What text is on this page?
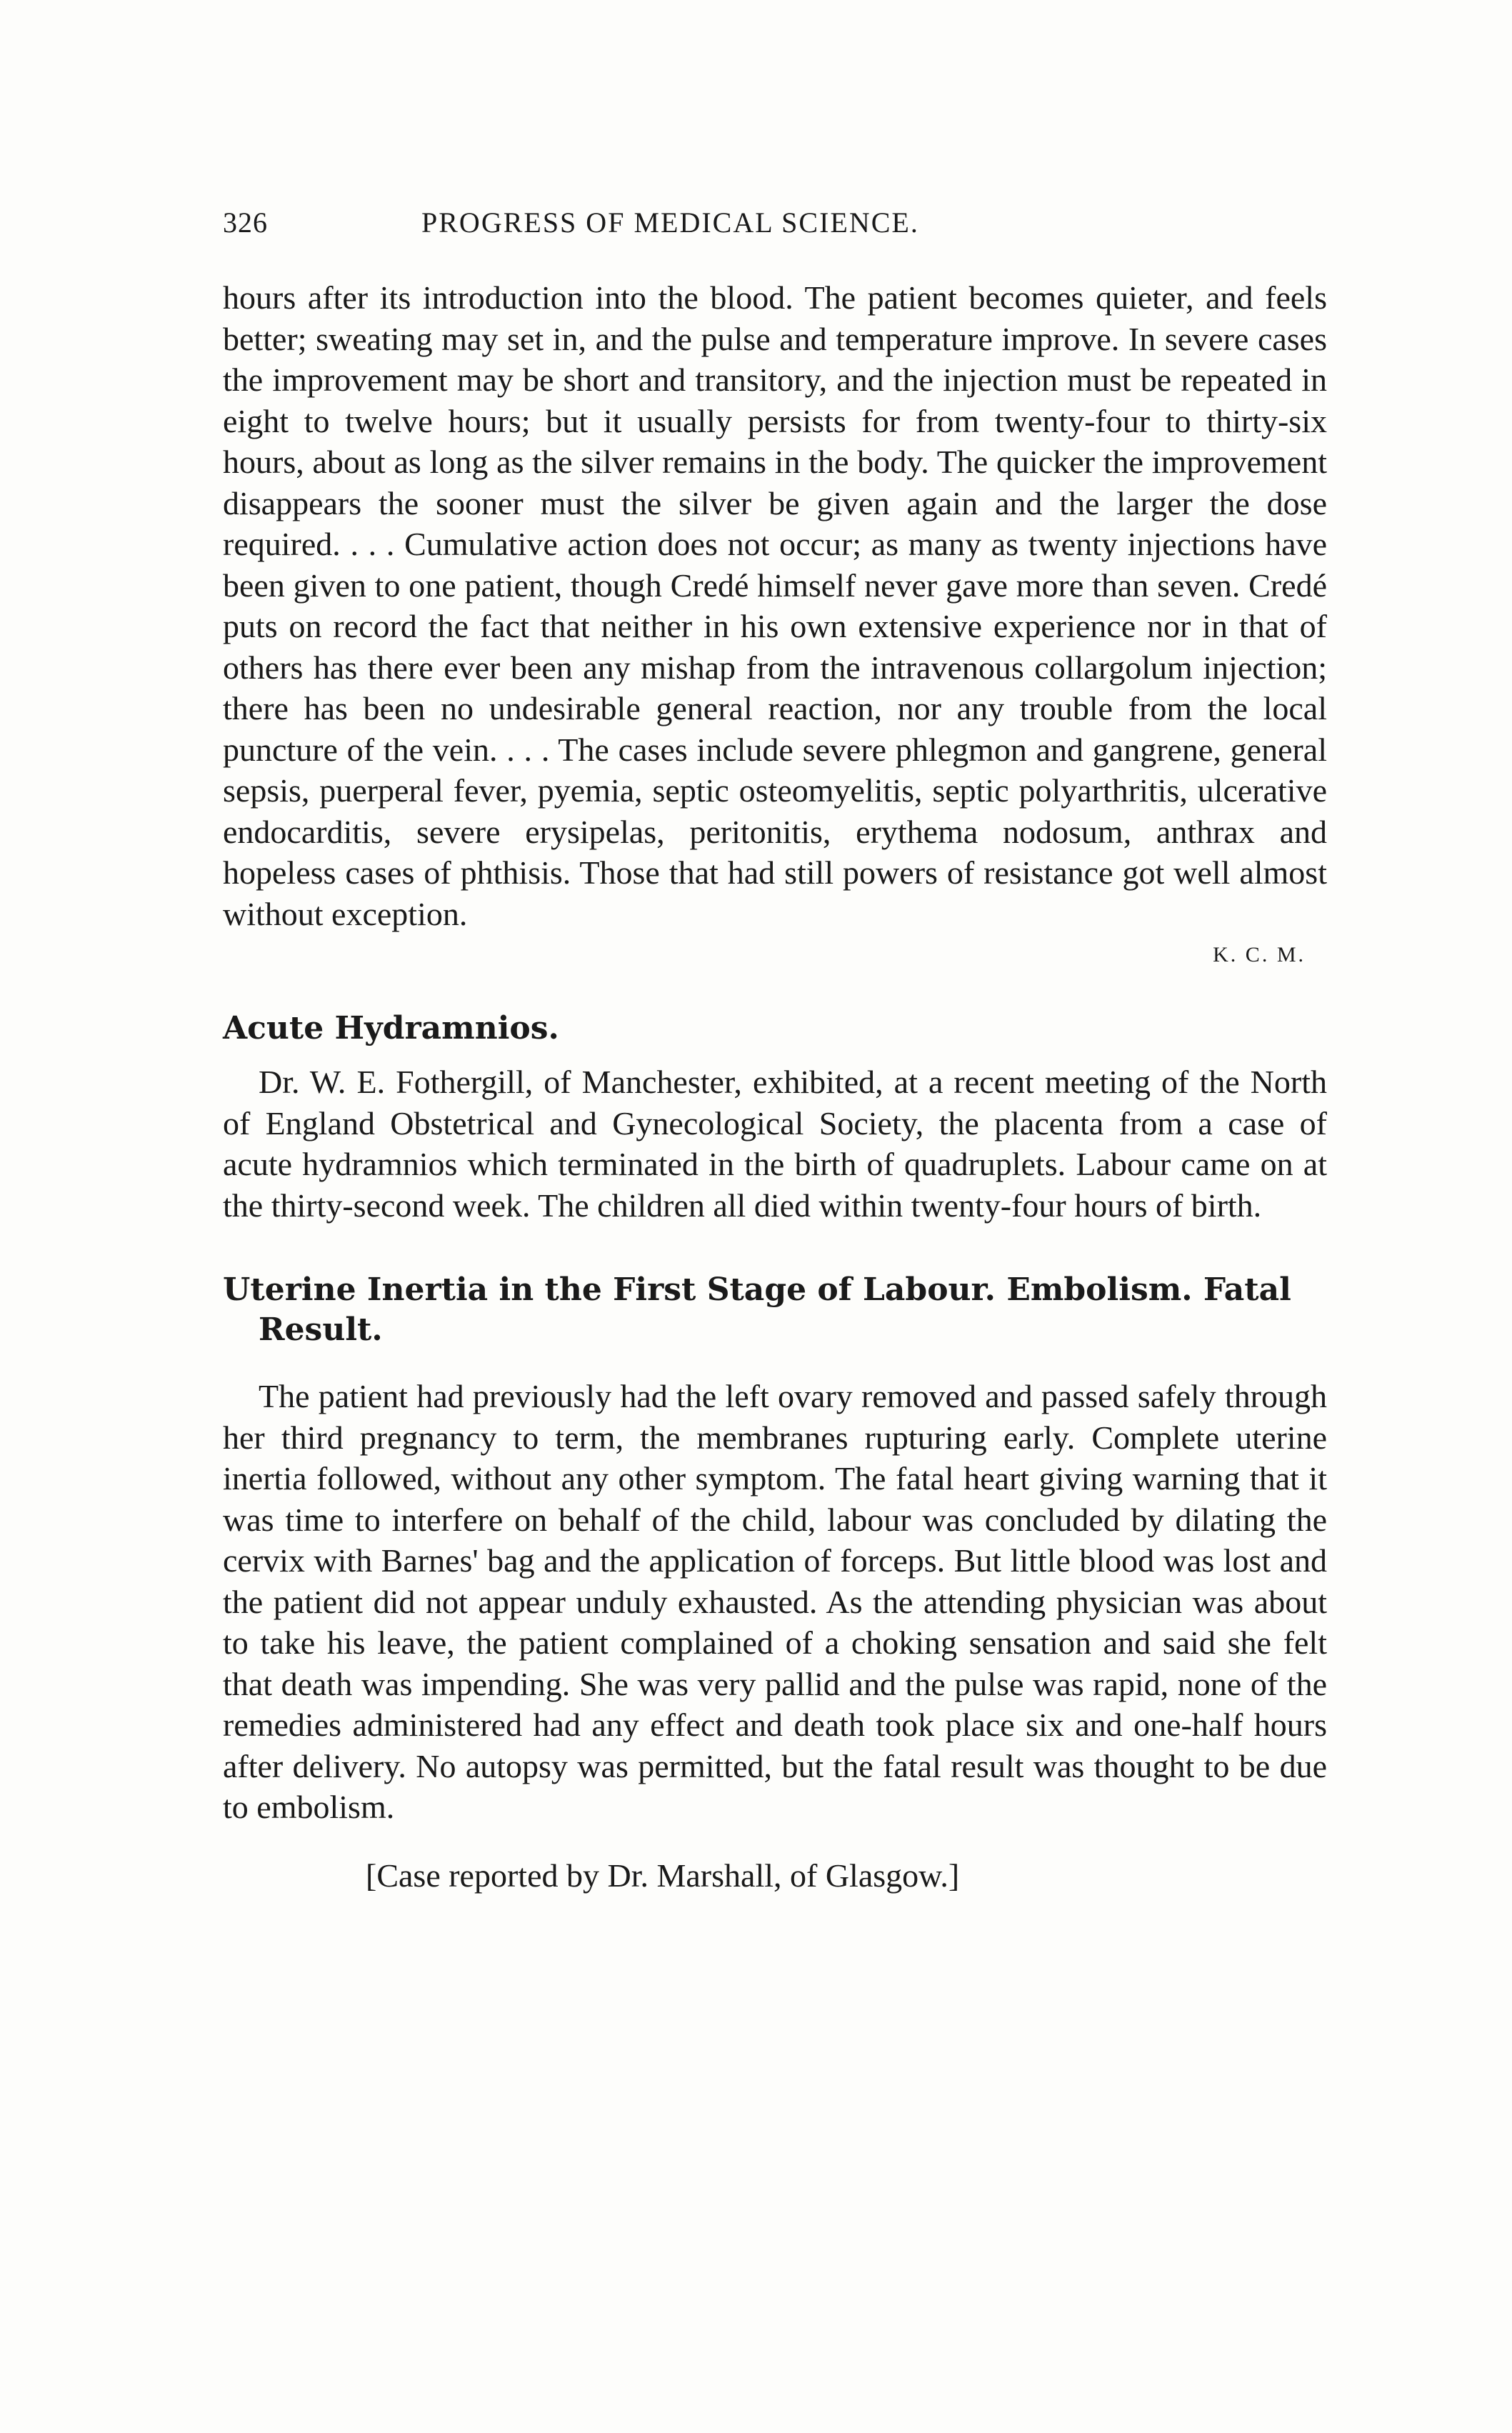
326	PROGRESS OF MEDICAL SCIENCE.

hours after its introduction into the blood. The patient becomes quieter, and feels better; sweating may set in, and the pulse and temperature improve. In severe cases the improvement may be short and transitory, and the injection must be repeated in eight to twelve hours; but it usually persists for from twenty-four to thirty-six hours, about as long as the silver remains in the body. The quicker the improvement disappears the sooner must the silver be given again and the larger the dose required. . . . Cumulative action does not occur; as many as twenty injections have been given to one patient, though Credé himself never gave more than seven. Credé puts on record the fact that neither in his own extensive experience nor in that of others has there ever been any mishap from the intravenous collargolum injection; there has been no undesirable general reaction, nor any trouble from the local puncture of the vein. . . . The cases include severe phlegmon and gangrene, general sepsis, puerperal fever, pyemia, septic osteomyelitis, septic polyarthritis, ulcerative endocarditis, severe erysipelas, peritonitis, erythema nodosum, anthrax and hopeless cases of phthisis. Those that had still powers of resistance got well almost without exception.

K. C. M.
Acute Hydramnios.

Dr. W. E. Fothergill, of Manchester, exhibited, at a recent meeting of the North of England Obstetrical and Gynecological Society, the placenta from a case of acute hydramnios which terminated in the birth of quadruplets. Labour came on at the thirty-second week. The children all died within twenty-four hours of birth.

Uterine Inertia in the First Stage of Labour. Embolism. Fatal
Result.

The patient had previously had the left ovary removed and passed safely through her third pregnancy to term, the membranes rupturing early. Complete uterine inertia followed, without any other symptom. The fatal heart giving warning that it was time to interfere on behalf of the child, labour was concluded by dilating the cervix with Barnes' bag and the application of forceps. But little blood was lost and the patient did not appear unduly exhausted. As the attending physician was about to take his leave, the patient complained of a choking sensation and said she felt that death was impending. She was very pallid and the pulse was rapid, none of the remedies administered had any effect and death took place six and one-half hours after delivery. No autopsy was permitted, but the fatal result was thought to be due to embolism.

[Case reported by Dr. Marshall, of Glasgow.]
